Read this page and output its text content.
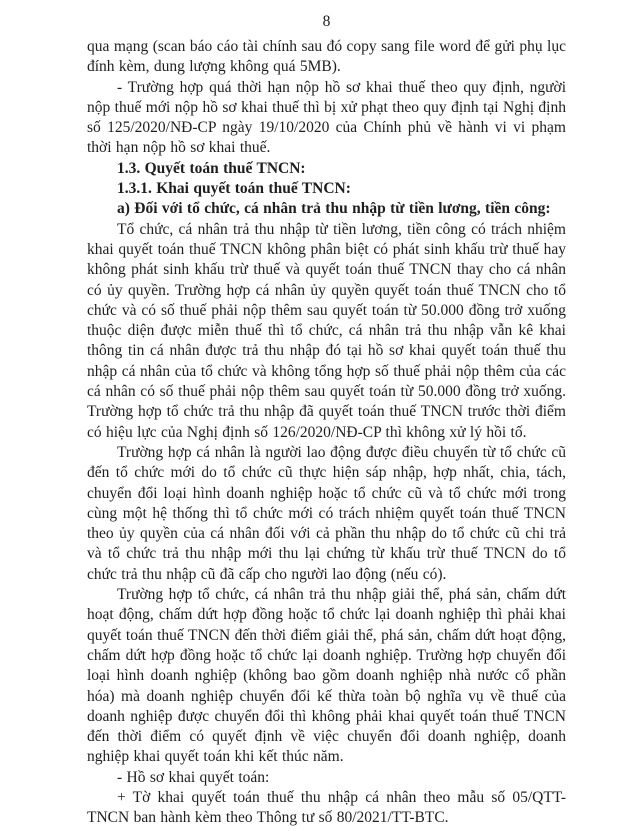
8

qua mạng (scan báo cáo tài chính sau đó copy sang file word để gửi phụ lục đính kèm, dung lượng không quá 5MB).

- Trường hợp quá thời hạn nộp hồ sơ khai thuế theo quy định, người nộp thuế mới nộp hồ sơ khai thuế thì bị xử phạt theo quy định tại Nghị định số 125/2020/NĐ-CP ngày 19/10/2020 của Chính phủ về hành vi vi phạm thời hạn nộp hồ sơ khai thuế.

1.3. Quyết toán thuế TNCN:

1.3.1. Khai quyết toán thuế TNCN:

a) Đối với tổ chức, cá nhân trả thu nhập từ tiền lương, tiền công:

Tổ chức, cá nhân trả thu nhập từ tiền lương, tiền công có trách nhiệm khai quyết toán thuế TNCN không phân biệt có phát sinh khấu trừ thuế hay không phát sinh khấu trừ thuế và quyết toán thuế TNCN thay cho cá nhân có ủy quyền. Trường hợp cá nhân ủy quyền quyết toán thuế TNCN cho tổ chức và có số thuế phải nộp thêm sau quyết toán từ 50.000 đồng trở xuống thuộc diện được miễn thuế thì tổ chức, cá nhân trả thu nhập vẫn kê khai thông tin cá nhân được trả thu nhập đó tại hồ sơ khai quyết toán thuế thu nhập cá nhân của tổ chức và không tổng hợp số thuế phải nộp thêm của các cá nhân có số thuế phải nộp thêm sau quyết toán từ 50.000 đồng trở xuống. Trường hợp tổ chức trả thu nhập đã quyết toán thuế TNCN trước thời điểm có hiệu lực của Nghị định số 126/2020/NĐ-CP thì không xử lý hồi tố.

Trường hợp cá nhân là người lao động được điều chuyển từ tổ chức cũ đến tổ chức mới do tổ chức cũ thực hiện sáp nhập, hợp nhất, chia, tách, chuyển đổi loại hình doanh nghiệp hoặc tổ chức cũ và tổ chức mới trong cùng một hệ thống thì tổ chức mới có trách nhiệm quyết toán thuế TNCN theo ủy quyền của cá nhân đối với cả phần thu nhập do tổ chức cũ chi trả và tổ chức trả thu nhập mới thu lại chứng từ khấu trừ thuế TNCN do tổ chức trả thu nhập cũ đã cấp cho người lao động (nếu có).

Trường hợp tổ chức, cá nhân trả thu nhập giải thể, phá sản, chấm dứt hoạt động, chấm dứt hợp đồng hoặc tổ chức lại doanh nghiệp thì phải khai quyết toán thuế TNCN đến thời điểm giải thể, phá sản, chấm dứt hoạt động, chấm dứt hợp đồng hoặc tổ chức lại doanh nghiệp. Trường hợp chuyển đổi loại hình doanh nghiệp (không bao gồm doanh nghiệp nhà nước cổ phần hóa) mà doanh nghiệp chuyển đổi kế thừa toàn bộ nghĩa vụ về thuế của doanh nghiệp được chuyển đổi thì không phải khai quyết toán thuế TNCN đến thời điểm có quyết định về việc chuyển đổi doanh nghiệp, doanh nghiệp khai quyết toán khi kết thúc năm.

- Hồ sơ khai quyết toán:

+ Tờ khai quyết toán thuế thu nhập cá nhân theo mẫu số 05/QTT-TNCN ban hành kèm theo Thông tư số 80/2021/TT-BTC.
